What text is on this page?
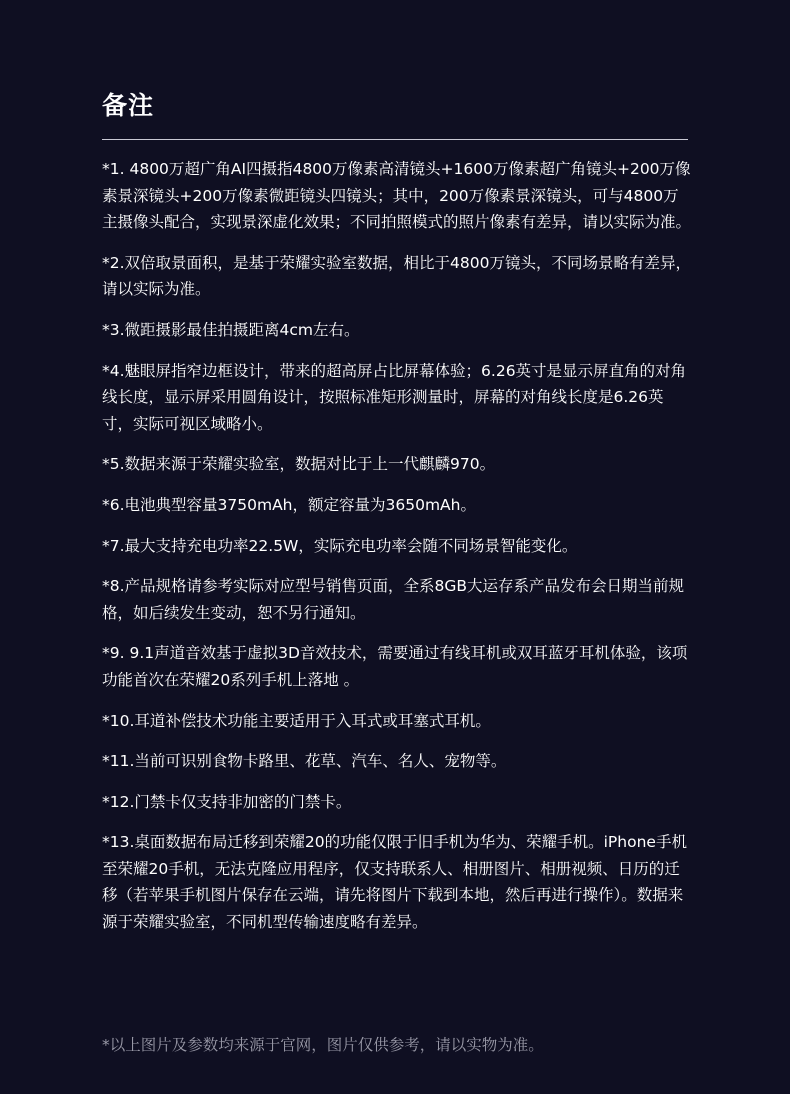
备注
*1. 4800万超广角AI四摄指4800万像素高清镜头+1600万像素超广角镜头+200万像素景深镜头+200万像素微距镜头四镜头；其中，200万像素景深镜头，可与4800万主摄像头配合，实现景深虚化效果；不同拍照模式的照片像素有差异，请以实际为准。
*2.双倍取景面积，是基于荣耀实验室数据，相比于4800万镜头，不同场景略有差异，请以实际为准。
*3.微距摄影最佳拍摄距离4cm左右。
*4.魅眼屏指窄边框设计，带来的超高屏占比屏幕体验；6.26英寸是显示屏直角的对角线长度，显示屏采用圆角设计，按照标准矩形测量时，屏幕的对角线长度是6.26英寸，实际可视区域略小。
*5.数据来源于荣耀实验室，数据对比于上一代麒麟970。
*6.电池典型容量3750mAh，额定容量为3650mAh。
*7.最大支持充电功率22.5W，实际充电功率会随不同场景智能变化。
*8.产品规格请参考实际对应型号销售页面，全系8GB大运存系产品发布会日期当前规格，如后续发生变动，恕不另行通知。
*9. 9.1声道音效基于虚拟3D音效技术，需要通过有线耳机或双耳蓝牙耳机体验，该项功能首次在荣耀20系列手机上落地 。
*10.耳道补偿技术功能主要适用于入耳式或耳塞式耳机。
*11.当前可识别食物卡路里、花草、汽车、名人、宠物等。
*12.门禁卡仅支持非加密的门禁卡。
*13.桌面数据布局迁移到荣耀20的功能仅限于旧手机为华为、荣耀手机。iPhone手机至荣耀20手机，无法克隆应用程序，仅支持联系人、相册图片、相册视频、日历的迁移（若苹果手机图片保存在云端，请先将图片下载到本地，然后再进行操作）。数据来源于荣耀实验室，不同机型传输速度略有差异。
*以上图片及参数均来源于官网，图片仅供参考，请以实物为准。
